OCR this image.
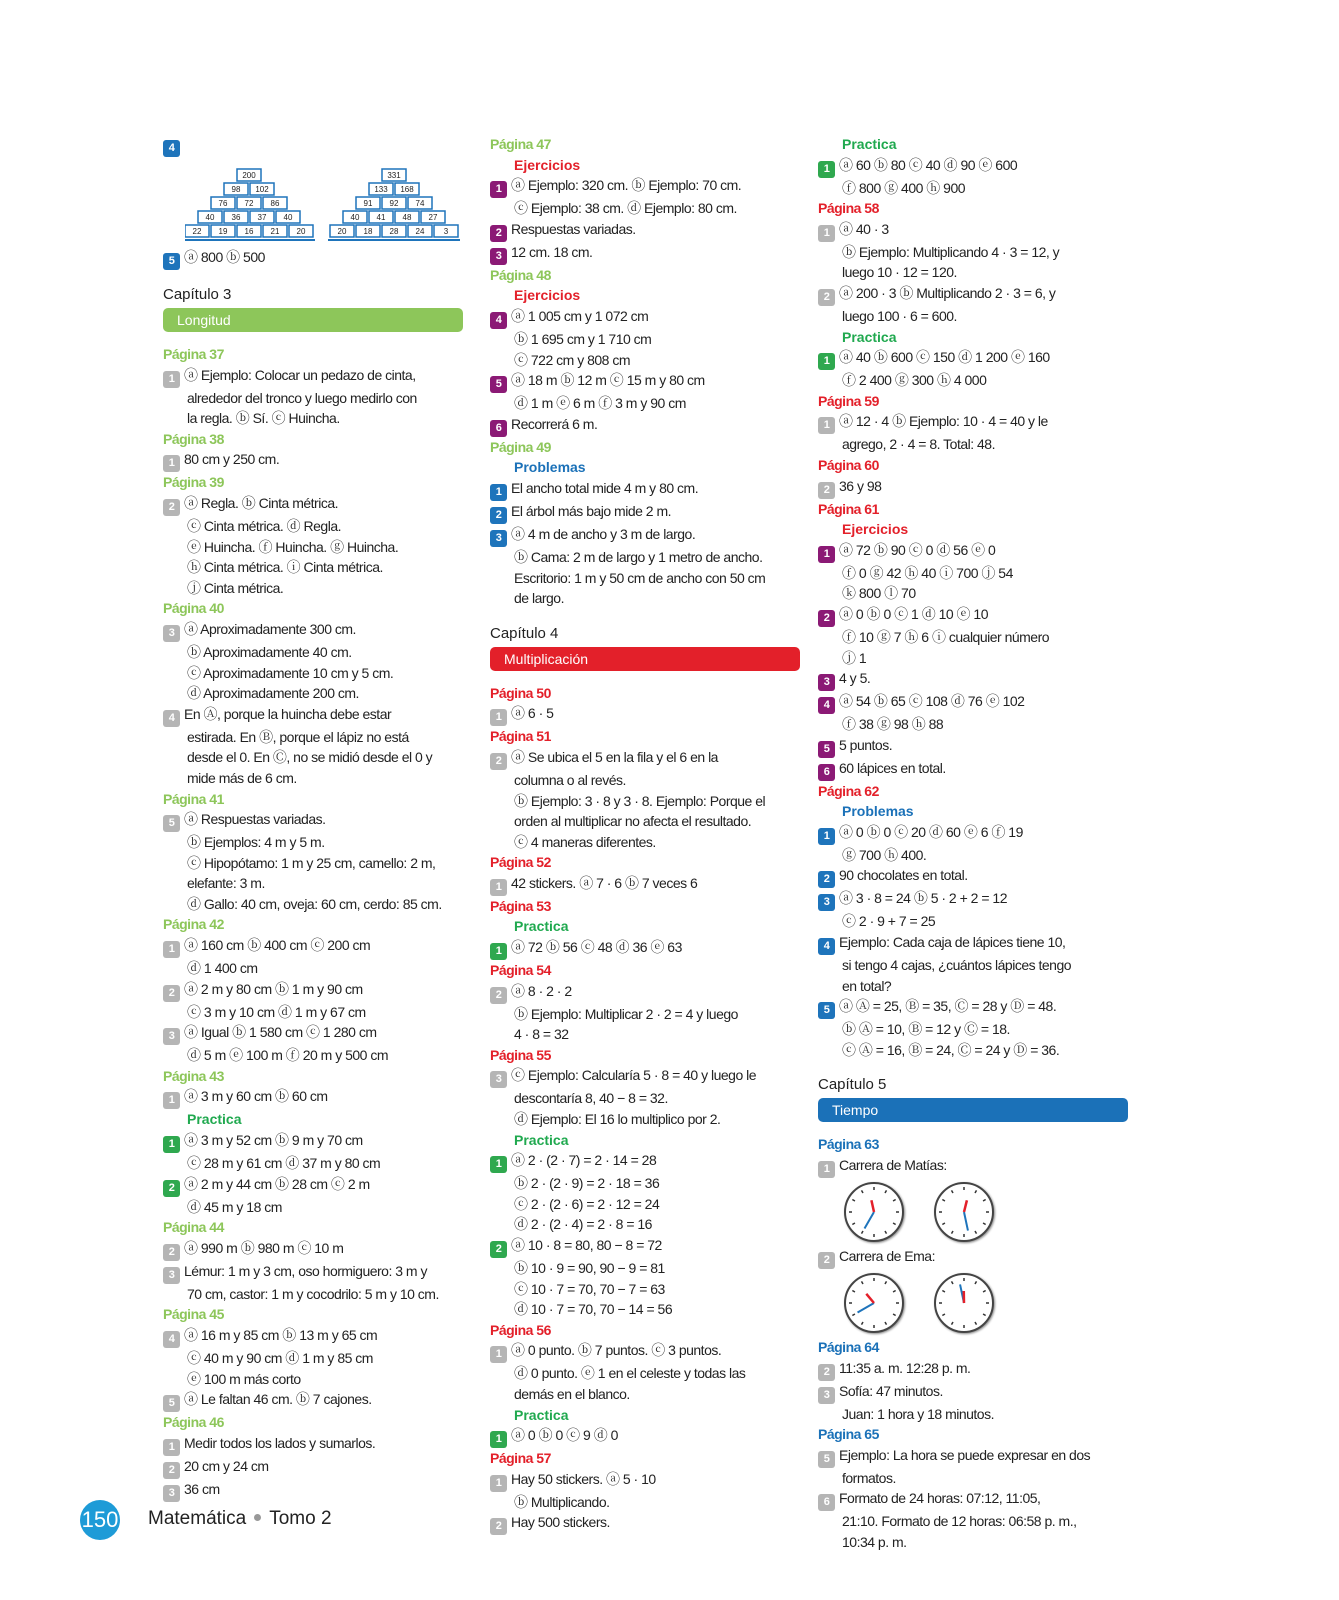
4
200
98 102
76 72 86
40 36 37 40
22 19 16 21 20
331
133 168
91 92 74
40 41 48 27
20 18 28 24 3
5 ⓐ 800 ⓑ 500
Capítulo 3
Longitud
Página 37
1 ⓐ Ejemplo: Colocar un pedazo de cinta,
alrededor del tronco y luego medirlo con
la regla. ⓑ Sí. ⓒ Huincha.
Página 38
1 80 cm y 250 cm.
Página 39
2 ⓐ Regla. ⓑ Cinta métrica.
ⓒ Cinta métrica. ⓓ Regla.
ⓔ Huincha. ⓕ Huincha. ⓖ Huincha.
ⓗ Cinta métrica. ⓘ Cinta métrica.
ⓙ Cinta métrica.
Página 40
3 ⓐ Aproximadamente 300 cm.
ⓑ Aproximadamente 40 cm.
ⓒ Aproximadamente 10 cm y 5 cm.
ⓓ Aproximadamente 200 cm.
4 En Ⓐ, porque la huincha debe estar
estirada. En Ⓑ, porque el lápiz no está
desde el 0. En Ⓒ, no se midió desde el 0 y
mide más de 6 cm.
Página 41
5 ⓐ Respuestas variadas.
ⓑ Ejemplos: 4 m y 5 m.
ⓒ Hipopótamo: 1 m y 25 cm, camello: 2 m,
elefante: 3 m.
ⓓ Gallo: 40 cm, oveja: 60 cm, cerdo: 85 cm.
Página 42
1 ⓐ 160 cm ⓑ 400 cm ⓒ 200 cm
ⓓ 1 400 cm
2 ⓐ 2 m y 80 cm ⓑ 1 m y 90 cm
ⓒ 3 m y 10 cm ⓓ 1 m y 67 cm
3 ⓐ Igual ⓑ 1 580 cm ⓒ 1 280 cm
ⓓ 5 m ⓔ 100 m ⓕ 20 m y 500 cm
Página 43
1 ⓐ 3 m y 60 cm ⓑ 60 cm
Practica
1 ⓐ 3 m y 52 cm ⓑ 9 m y 70 cm
ⓒ 28 m y 61 cm ⓓ 37 m y 80 cm
2 ⓐ 2 m y 44 cm ⓑ 28 cm ⓒ 2 m
ⓓ 45 m y 18 cm
Página 44
2 ⓐ 990 m ⓑ 980 m ⓒ 10 m
3 Lémur: 1 m y 3 cm, oso hormiguero: 3 m y
70 cm, castor: 1 m y cocodrilo: 5 m y 10 cm.
Página 45
4 ⓐ 16 m y 85 cm ⓑ 13 m y 65 cm
ⓒ 40 m y 90 cm ⓓ 1 m y 85 cm
ⓔ 100 m más corto
5 ⓐ Le faltan 46 cm. ⓑ 7 cajones.
Página 46
1 Medir todos los lados y sumarlos.
2 20 cm y 24 cm
3 36 cm
Página 47
Ejercicios
1 ⓐ Ejemplo: 320 cm. ⓑ Ejemplo: 70 cm.
ⓒ Ejemplo: 38 cm. ⓓ Ejemplo: 80 cm.
2 Respuestas variadas.
3 12 cm. 18 cm.
Página 48
Ejercicios
4 ⓐ 1 005 cm y 1 072 cm
ⓑ 1 695 cm y 1 710 cm
ⓒ 722 cm y 808 cm
5 ⓐ 18 m ⓑ 12 m ⓒ 15 m y 80 cm
ⓓ 1 m ⓔ 6 m ⓕ 3 m y 90 cm
6 Recorrerá 6 m.
Página 49
Problemas
1 El ancho total mide 4 m y 80 cm.
2 El árbol más bajo mide 2 m.
3 ⓐ 4 m de ancho y 3 m de largo.
ⓑ Cama: 2 m de largo y 1 metro de ancho.
Escritorio: 1 m y 50 cm de ancho con 50 cm
de largo.
Capítulo 4
Multiplicación
Página 50
1 ⓐ 6 · 5
Página 51
2 ⓐ Se ubica el 5 en la fila y el 6 en la
columna o al revés.
ⓑ Ejemplo: 3 · 8 y 3 · 8. Ejemplo: Porque el
orden al multiplicar no afecta el resultado.
ⓒ 4 maneras diferentes.
Página 52
1 42 stickers. ⓐ 7 · 6 ⓑ 7 veces 6
Página 53
Practica
1 ⓐ 72 ⓑ 56 ⓒ 48 ⓓ 36 ⓔ 63
Página 54
2 ⓐ 8 · 2 · 2
ⓑ Ejemplo: Multiplicar 2 · 2 = 4 y luego
4 · 8 = 32
Página 55
3 ⓒ Ejemplo: Calcularía 5 · 8 = 40 y luego le
descontaría 8, 40 − 8 = 32.
ⓓ Ejemplo: El 16 lo multiplico por 2.
Practica
1 ⓐ 2 · (2 · 7) = 2 · 14 = 28
ⓑ 2 · (2 · 9) = 2 · 18 = 36
ⓒ 2 · (2 · 6) = 2 · 12 = 24
ⓓ 2 · (2 · 4) = 2 · 8 = 16
2 ⓐ 10 · 8 = 80, 80 − 8 = 72
ⓑ 10 · 9 = 90, 90 − 9 = 81
ⓒ 10 · 7 = 70, 70 − 7 = 63
ⓓ 10 · 7 = 70, 70 − 14 = 56
Página 56
1 ⓐ 0 punto. ⓑ 7 puntos. ⓒ 3 puntos.
ⓓ 0 punto. ⓔ 1 en el celeste y todas las
demás en el blanco.
Practica
1 ⓐ 0 ⓑ 0 ⓒ 9 ⓓ 0
Página 57
1 Hay 50 stickers. ⓐ 5 · 10
ⓑ Multiplicando.
2 Hay 500 stickers.
Practica
1 ⓐ 60 ⓑ 80 ⓒ 40 ⓓ 90 ⓔ 600
ⓕ 800 ⓖ 400 ⓗ 900
Página 58
1 ⓐ 40 · 3
ⓑ Ejemplo: Multiplicando 4 · 3 = 12, y
luego 10 · 12 = 120.
2 ⓐ 200 · 3 ⓑ Multiplicando 2 · 3 = 6, y
luego 100 · 6 = 600.
Practica
1 ⓐ 40 ⓑ 600 ⓒ 150 ⓓ 1 200 ⓔ 160
ⓕ 2 400 ⓖ 300 ⓗ 4 000
Página 59
1 ⓐ 12 · 4 ⓑ Ejemplo: 10 · 4 = 40 y le
agrego, 2 · 4 = 8. Total: 48.
Página 60
2 36 y 98
Página 61
Ejercicios
1 ⓐ 72 ⓑ 90 ⓒ 0 ⓓ 56 ⓔ 0
ⓕ 0 ⓖ 42 ⓗ 40 ⓘ 700 ⓙ 54
ⓚ 800 ⓛ 70
2 ⓐ 0 ⓑ 0 ⓒ 1 ⓓ 10 ⓔ 10
ⓕ 10 ⓖ 7 ⓗ 6 ⓘ cualquier número
ⓙ 1
3 4 y 5.
4 ⓐ 54 ⓑ 65 ⓒ 108 ⓓ 76 ⓔ 102
ⓕ 38 ⓖ 98 ⓗ 88
5 5 puntos.
6 60 lápices en total.
Página 62
Problemas
1 ⓐ 0 ⓑ 0 ⓒ 20 ⓓ 60 ⓔ 6 ⓕ 19
ⓖ 700 ⓗ 400.
2 90 chocolates en total.
3 ⓐ 3 · 8 = 24 ⓑ 5 · 2 + 2 = 12
ⓒ 2 · 9 + 7 = 25
4 Ejemplo: Cada caja de lápices tiene 10,
si tengo 4 cajas, ¿cuántos lápices tengo
en total?
5 ⓐ Ⓐ = 25, Ⓑ = 35, Ⓒ = 28 y Ⓓ = 48.
ⓑ Ⓐ = 10, Ⓑ = 12 y Ⓒ = 18.
ⓒ Ⓐ = 16, Ⓑ = 24, Ⓒ = 24 y Ⓓ = 36.
Capítulo 5
Tiempo
Página 63
1 Carrera de Matías:
2 Carrera de Ema:
Página 64
2 11:35 a. m. 12:28 p. m.
3 Sofía: 47 minutos.
Juan: 1 hora y 18 minutos.
Página 65
5 Ejemplo: La hora se puede expresar en dos
formatos.
6 Formato de 24 horas: 07:12, 11:05,
21:10. Formato de 12 horas: 06:58 p. m.,
10:34 p. m.
150 Matemática Tomo 2
